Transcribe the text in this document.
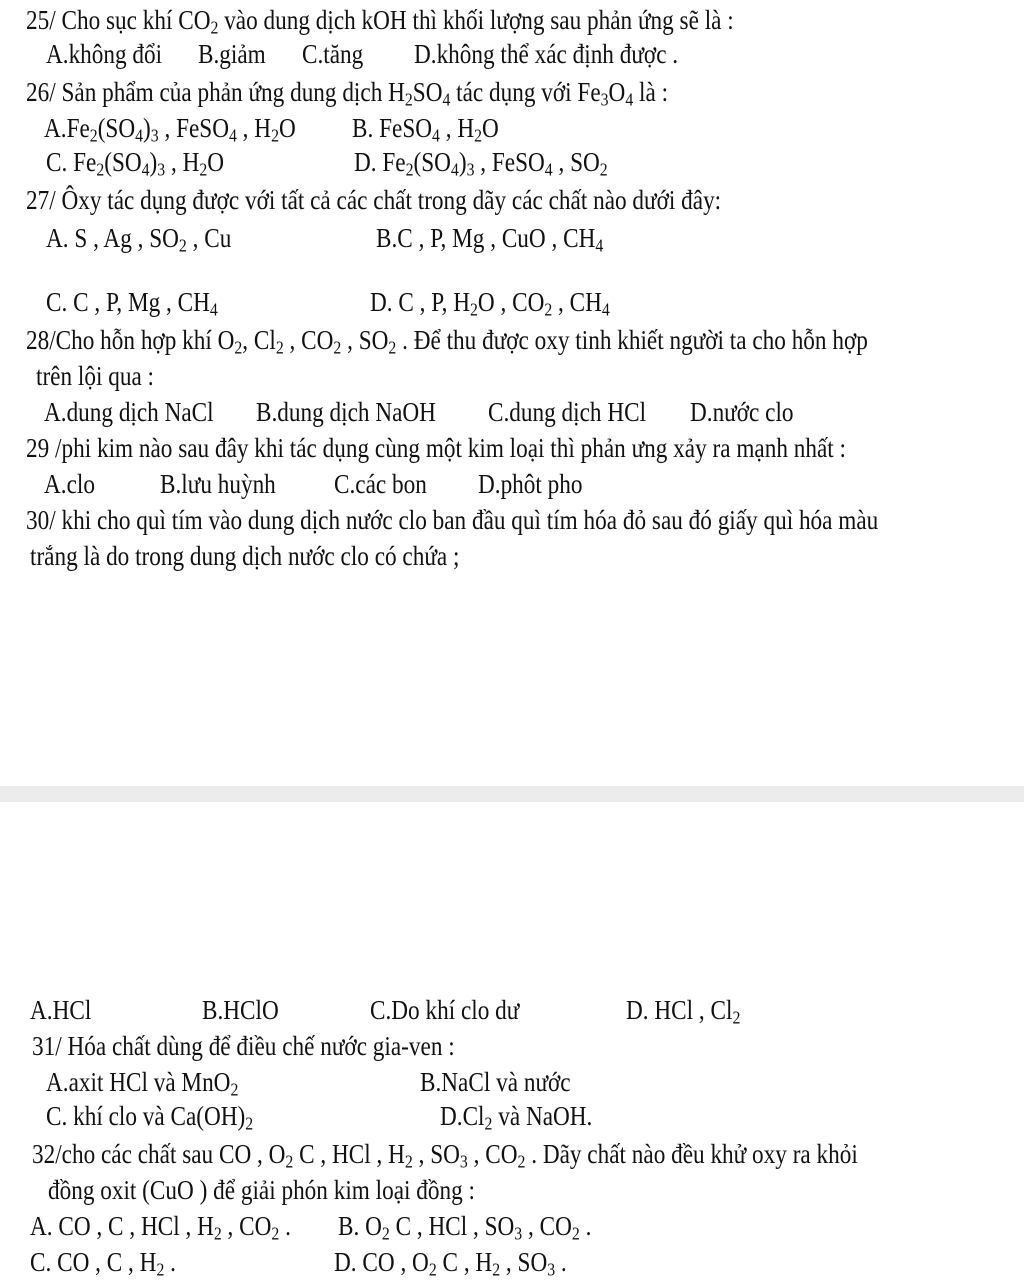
25/ Cho sục khí $CO_2$ vào dung dịch kOH thì khối lượng sau phản ứng sẽ là :
A.không đổi B.giảm C.tăng D.không thể xác định được .
26/ Sản phẩm của phản ứng dung dịch $H_2SO_4$ tác dụng với $Fe_3O_4$ là :
$A.Fe_2(SO_4)_3$ , FeSO$_4$ , $H_2O$ B. FeSO$_4$ , $H_2O$
C. $Fe_2(SO_4)_3$ , $H_2O$	D. $Fe_2(SO_4)_3$ , FeSO$_4$ , $SO_2$
27/ Ôxy tác dụng được với tất cả các chất trong dãy các chất nào dưới đây:
A. S , Ag , $SO_2$ , Cu	B.C , P, Mg , CuO , $CH_4$
C. C , P, Mg , $CH_4$	D. C , P, $H_2O$ , $CO_2$ , $CH_4$
28/Cho hỗn hợp khí $O_2$, $Cl_2$ , $CO_2$ , $SO_2$ . Để thu được oxy tinh khiết người ta cho hỗn hợp
trên lội qua :
A.dung dịch NaCl B.dung dịch NaOH C.dung dịch HCl D.nước clo
29 /phi kim nào sau đây khi tác dụng cùng một kim loại thì phản ưng xảy ra mạnh nhất :
A.clo B.lưu huỳnh C.các bon D.phôt pho
30/ khi cho quì tím vào dung dịch nước clo ban đầu quì tím hóa đỏ sau đó giấy quì hóa màu
trắng là do trong dung dịch nước clo có chứa ;
A.HCl	B.HClO	C.Do khí clo dư	D. HCl , $Cl_2$
31/ Hóa chất dùng để điều chế nước gia-ven :
A.axit HCl và MnO$_2$	B.NaCl và nước
C. khí clo và $Ca(OH)_2$	$D.Cl_2$ và NaOH.
32/cho các chất sau CO , $O_2$ C , HCl , $H_2$ , $SO_3$ , $CO_2$ . Dãy chất nào đều khử oxy ra khỏi
đồng oxit (CuO ) để giải phón kim loại đồng :
A. CO , C , HCl , $H_2$ , $CO_2$ . B. $O_2$ C , HCl , $SO_3$ , $CO_2$ .
C. CO , C , $H_2$ .	D. CO , $O_2$ C , $H_2$ , $SO_3$ .
